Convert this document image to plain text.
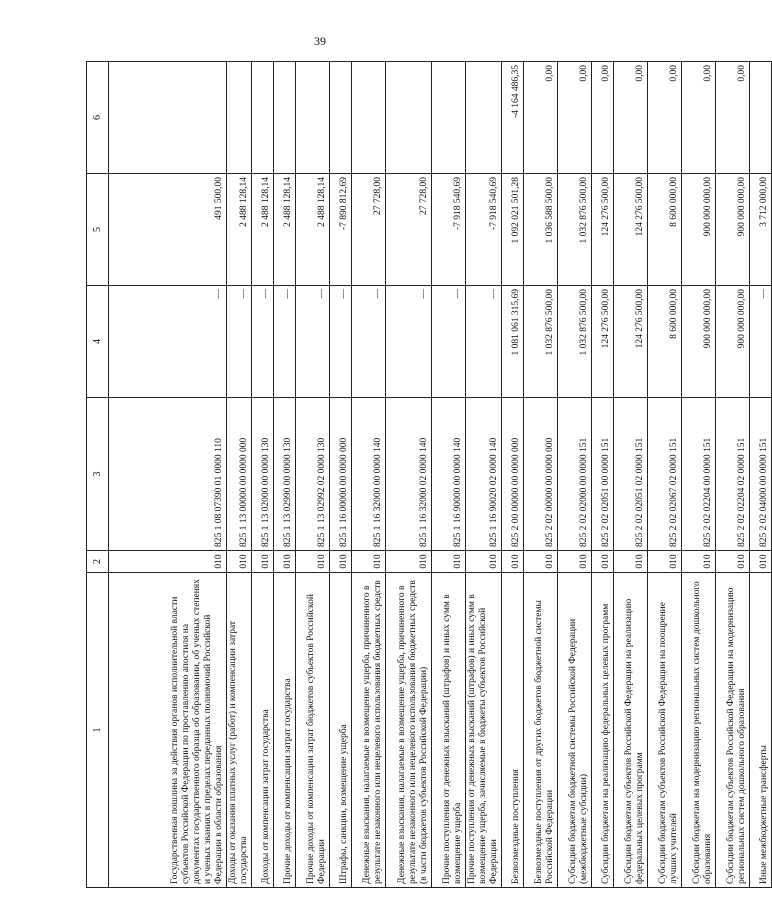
39
1	2	3	4	5	6
Государственная пошлина за действия органов исполнительной власти субъектов Российской Федерации по проставлению апостиля на документах государственного образца об образовании, об ученых степенях и ученых званиях в пределах переданных полномочий Российской Федерации в области образования	010	825 1 08 07390 01 0000 110	—	491 500,00	
Доходы от оказания платных услуг (работ) и компенсации затрат государства	010	825 1 13 00000 00 0000 000	—	2 488 128,14	
Доходы от компенсации затрат государства	010	825 1 13 02000 00 0000 130	—	2 488 128,14	
Прочие доходы от компенсации затрат государства	010	825 1 13 02990 00 0000 130	—	2 488 128,14	
Прочие доходы от компенсации затрат бюджетов субъектов Российской Федерации	010	825 1 13 02992 02 0000 130	—	2 488 128,14	
Штрафы, санкции, возмещение ущерба	010	825 1 16 00000 00 0000 000	—	-7 890 812,69	
Денежные взыскания, налагаемые в возмещение ущерба, причиненного в результате незаконного или нецелевого использования бюджетных средств	010	825 1 16 32000 00 0000 140	—	27 728,00	
Денежные взыскания, налагаемые в возмещение ущерба, причиненного в результате незаконного или нецелевого использования бюджетных средств (в части бюджетов субъектов Российской Федерации)	010	825 1 16 32000 02 0000 140	—	27 728,00	
Прочие поступления от денежных взысканий (штрафов) и иных сумм в возмещение ущерба	010	825 1 16 90000 00 0000 140	—	-7 918 540,69	
Прочие поступления от денежных взысканий (штрафов) и иных сумм в возмещение ущерба, зачисляемые в бюджеты субъектов Российской Федерации	010	825 1 16 90020 02 0000 140	—	-7 918 540,69	
Безвозмездные поступления	010	825 2 00 00000 00 0000 000	1 081 061 315,69	1 092 021 501,28	-4 164 486,35
Безвозмездные поступления от других бюджетов бюджетной системы Российской Федерации	010	825 2 02 00000 00 0000 000	1 032 876 500,00	1 036 588 500,00	0,00
Субсидии бюджетам бюджетной системы Российской Федерации (межбюджетные субсидии)	010	825 2 02 02000 00 0000 151	1 032 876 500,00	1 032 876 500,00	0,00
Субсидии бюджетам на реализацию федеральных целевых программ	010	825 2 02 02051 00 0000 151	124 276 500,00	124 276 500,00	0,00
Субсидии бюджетам субъектов Российской Федерации на реализацию федеральных целевых программ	010	825 2 02 02051 02 0000 151	124 276 500,00	124 276 500,00	0,00
Субсидии бюджетам субъектов Российской Федерации на поощрение лучших учителей	010	825 2 02 02067 02 0000 151	8 600 000,00	8 600 000,00	0,00
Субсидии бюджетам на модернизацию региональных систем дошкольного образования	010	825 2 02 02204 00 0000 151	900 000 000,00	900 000 000,00	0,00
Субсидии бюджетам субъектов Российской Федерации на модернизацию региональных систем дошкольного образования	010	825 2 02 02204 02 0000 151	900 000 000,00	900 000 000,00	0,00
Иные межбюджетные трансферты	010	825 2 02 04000 00 0000 151	—	3 712 000,00	
